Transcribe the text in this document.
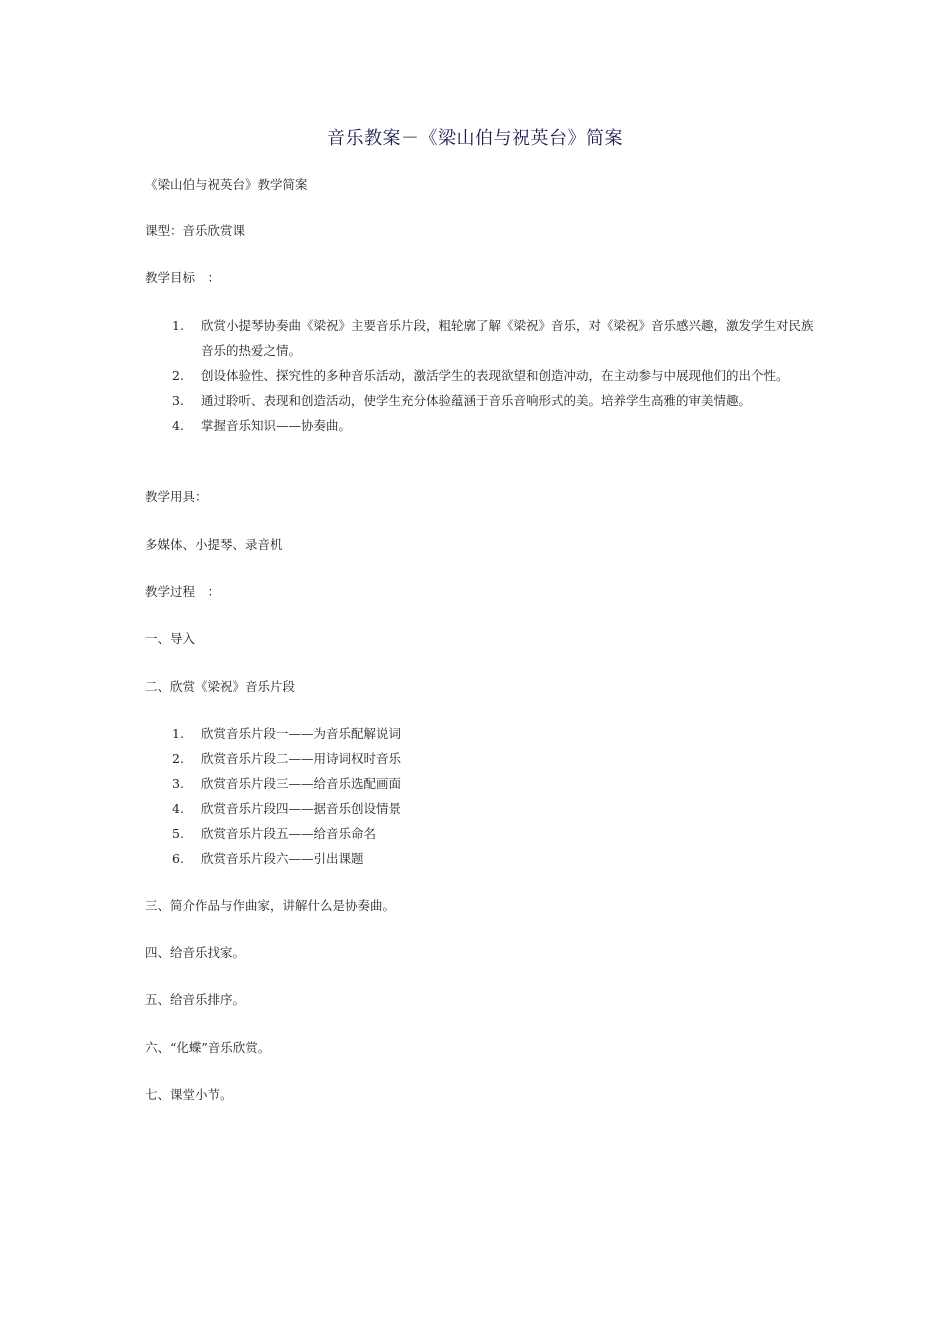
音乐教案－《梁山伯与祝英台》简案
《梁山伯与祝英台》教学简案
课型：音乐欣赏课
教学目标　：
1. 欣赏小提琴协奏曲《梁祝》主要音乐片段，粗轮廓了解《梁祝》音乐，对《梁祝》音乐感兴趣，激发学生对民族音乐的热爱之情。
2. 创设体验性、探究性的多种音乐活动，激活学生的表现欲望和创造冲动，在主动参与中展现他们的出个性。
3. 通过聆听、表现和创造活动，使学生充分体验蕴涵于音乐音响形式的美。培养学生高雅的审美情趣。
4. 掌握音乐知识——协奏曲。
教学用具：
多媒体、小提琴、录音机
教学过程　：
一、导入
二、欣赏《梁祝》音乐片段
1. 欣赏音乐片段一——为音乐配解说词
2. 欣赏音乐片段二——用诗词权时音乐
3. 欣赏音乐片段三——给音乐选配画面
4. 欣赏音乐片段四——据音乐创设情景
5. 欣赏音乐片段五——给音乐命名
6. 欣赏音乐片段六——引出课题
三、简介作品与作曲家，讲解什么是协奏曲。
四、给音乐找家。
五、给音乐排序。
六、“化蝶”音乐欣赏。
七、课堂小节。
